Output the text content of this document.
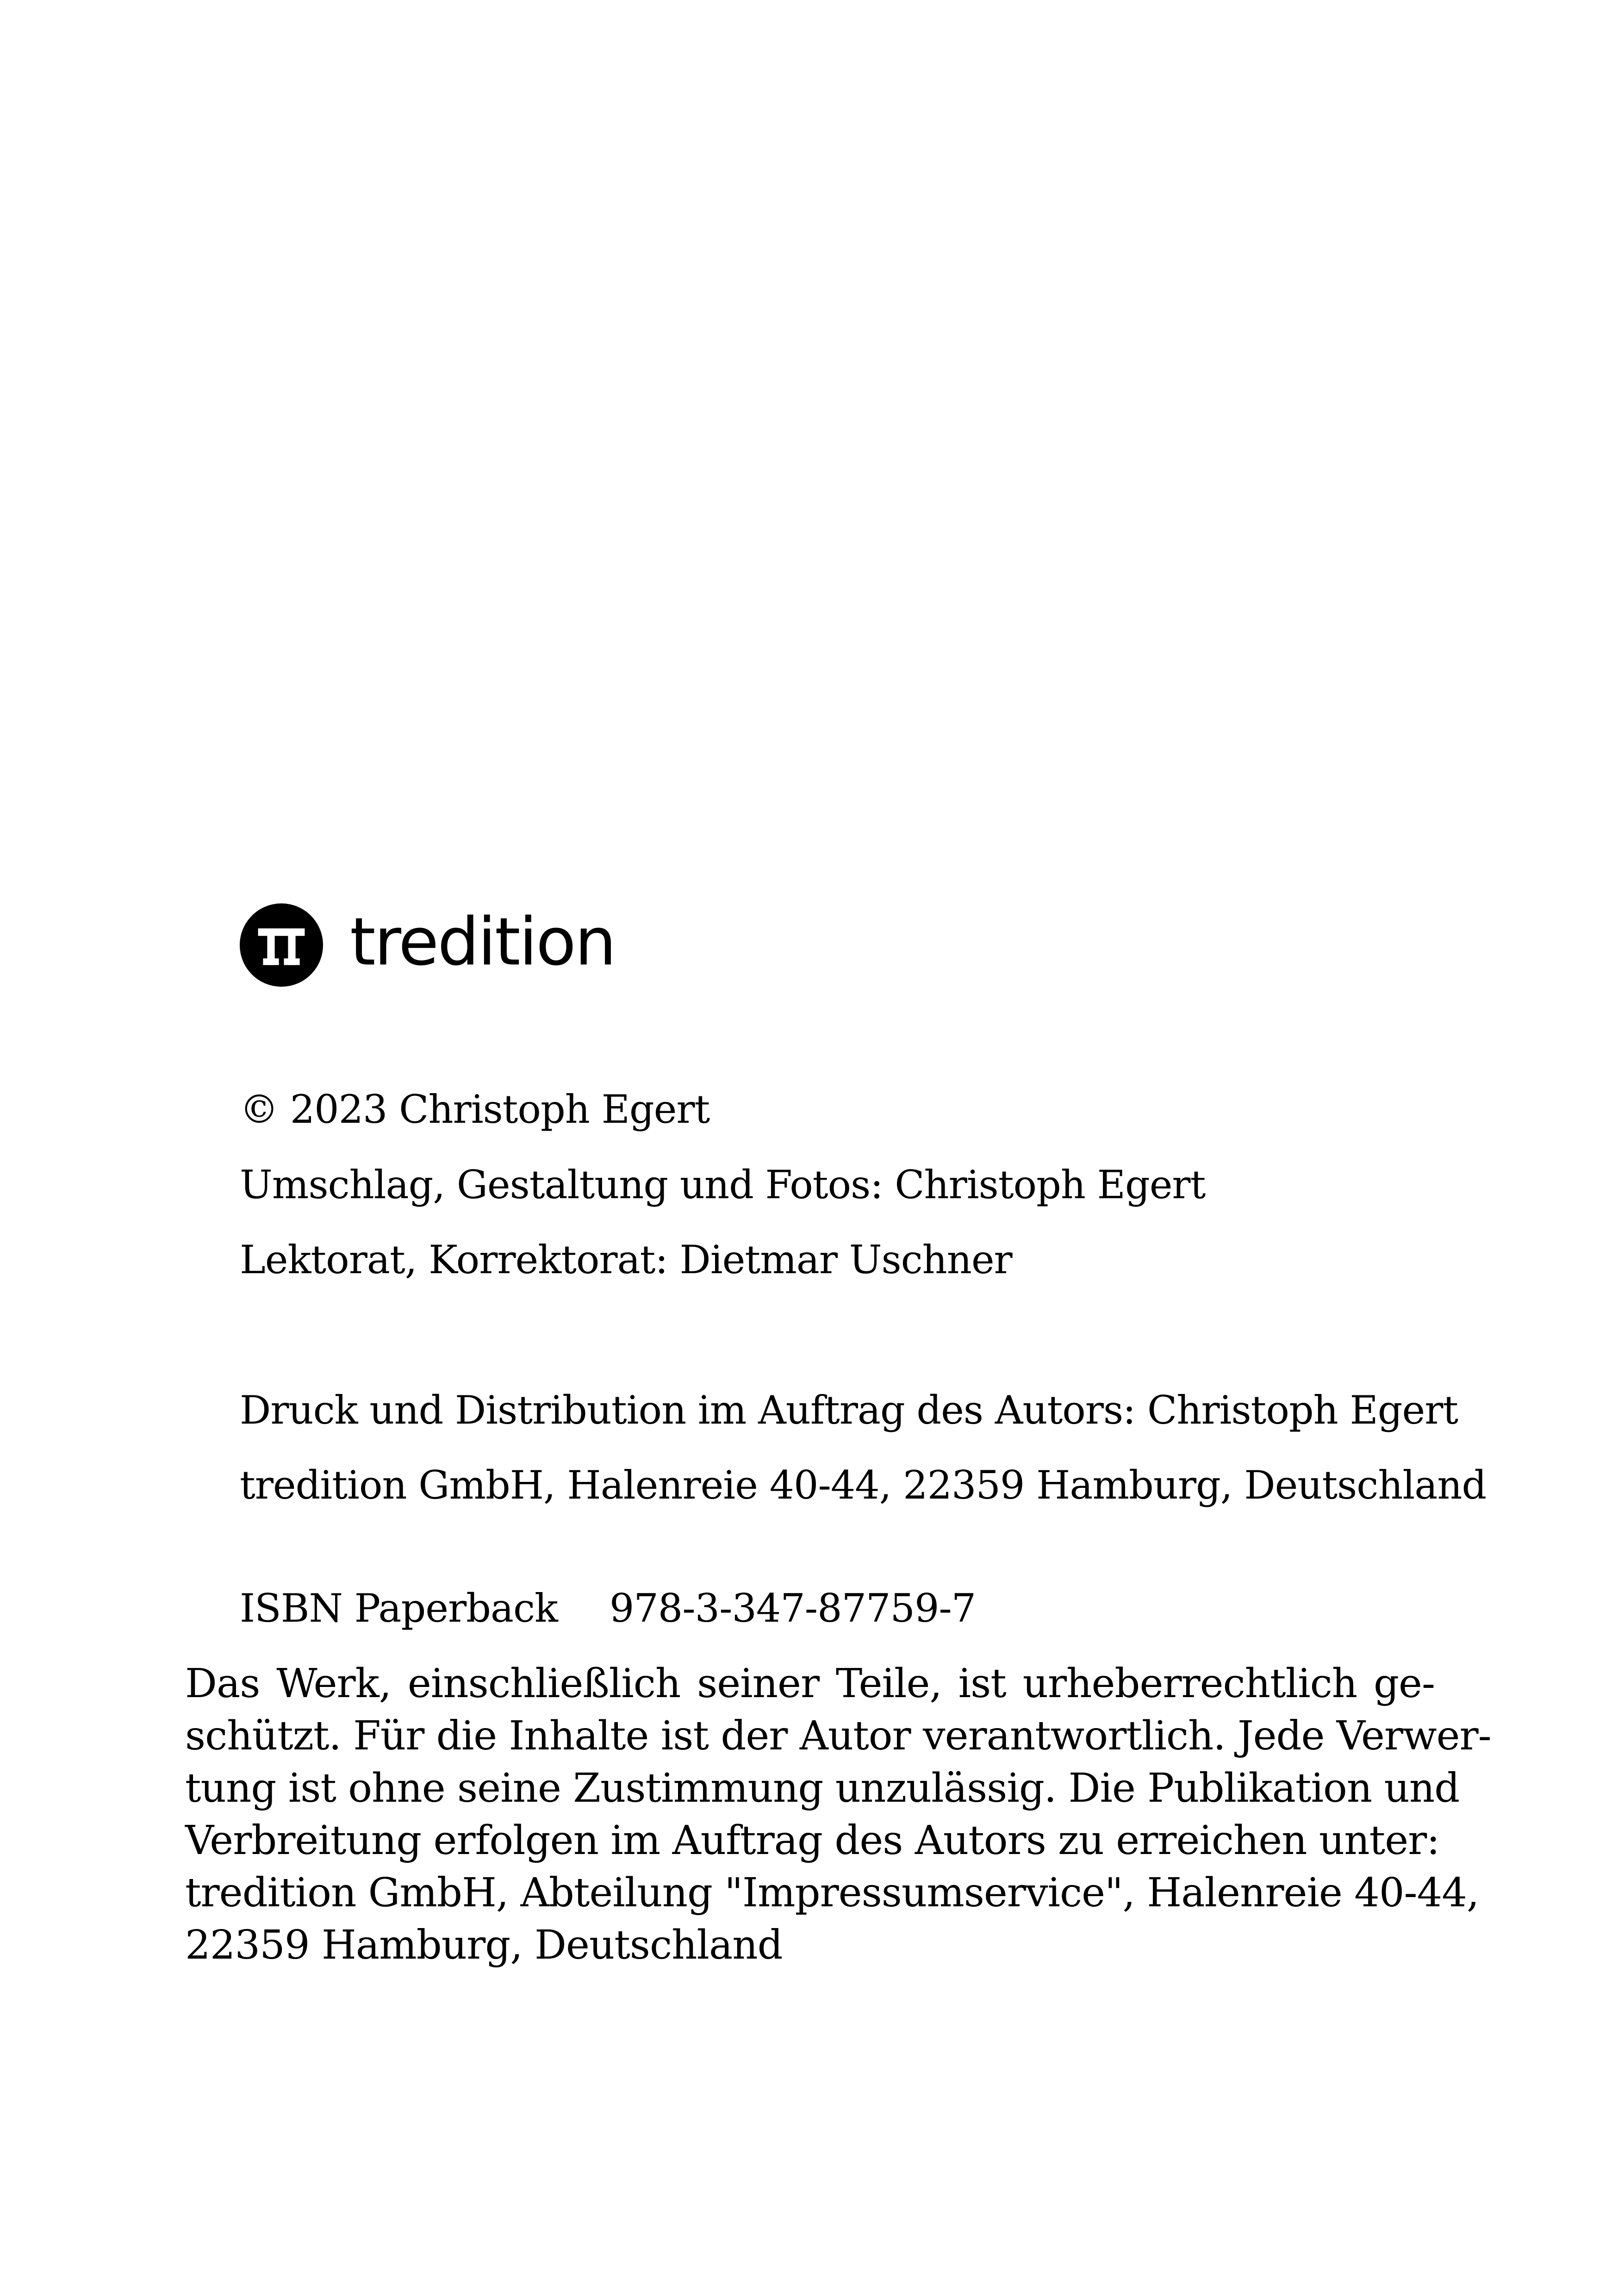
tredition
© 2023 Christoph Egert
Umschlag, Gestaltung und Fotos: Christoph Egert
Lektorat, Korrektorat: Dietmar Uschner
Druck und Distribution im Auftrag des Autors: Christoph Egert
tredition GmbH, Halenreie 40-44, 22359 Hamburg, Deutschland
ISBN Paperback 978-3-347-87759-7
Das Werk, einschließlich seiner Teile, ist urheberrechtlich ge-
schützt. Für die Inhalte ist der Autor verantwortlich. Jede Verwer-
tung ist ohne seine Zustimmung unzulässig. Die Publikation und
Verbreitung erfolgen im Auftrag des Autors zu erreichen unter:
tredition GmbH, Abteilung "Impressumservice", Halenreie 40-44,
22359 Hamburg, Deutschland
